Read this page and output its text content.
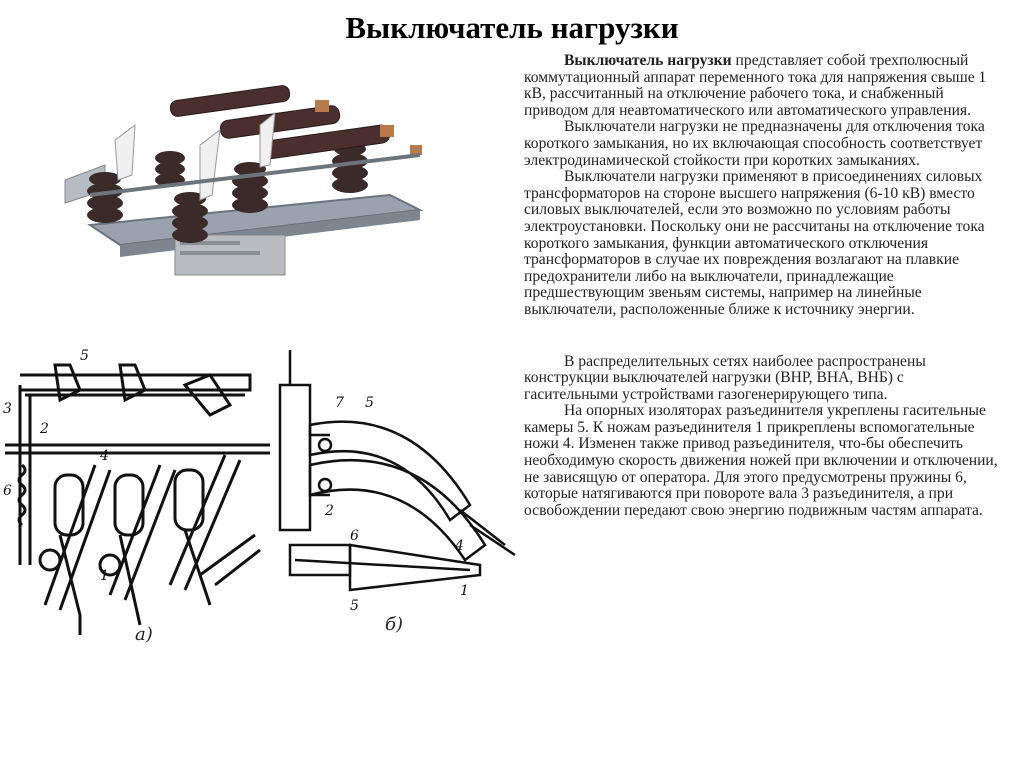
Выключатель нагрузки
5
3
2
6
4
1
а)
7 5
2
6
1
4
5
б)

Выключатель нагрузки представляет собой трехполюсный коммутационный аппарат переменного тока для напряжения свыше 1 кВ, рассчитанный на отключение рабочего тока, и снабженный приводом для неавтоматического или автоматического управления.

Выключатели нагрузки не предназначены для отключения тока короткого замыкания, но их включающая способность соответствует электродинамической стойкости при коротких замыканиях.

Выключатели нагрузки применяют в присоединениях силовых трансформаторов на стороне высшего напряжения (6-10 кВ) вместо силовых выключателей, если это возможно по условиям работы электроустановки. Поскольку они не рассчитаны на отключение тока короткого замыкания, функции автоматического отключения трансформаторов в случае их повреждения возлагают на плавкие предохранители либо на выключатели, принадлежащие предшествующим звеньям системы, например на линейные выключатели, расположенные ближе к источнику энергии.

В распределительных сетях наиболее распространены конструкции выключателей нагрузки (ВНР, ВНА, ВНБ) с гасительными устройствами газогенерирующего типа.

На опорных изоляторах разъединителя укреплены гасительные камеры 5. К ножам разъединителя 1 прикреплены вспомогательные ножи 4. Изменен также привод разъединителя, что-бы обеспечить необходимую скорость движения ножей при включении и отключении, не зависящую от оператора. Для этого предусмотрены пружины 6, которые натягиваются при повороте вала 3 разъединителя, а при освобождении передают свою энергию подвижным частям аппарата.
